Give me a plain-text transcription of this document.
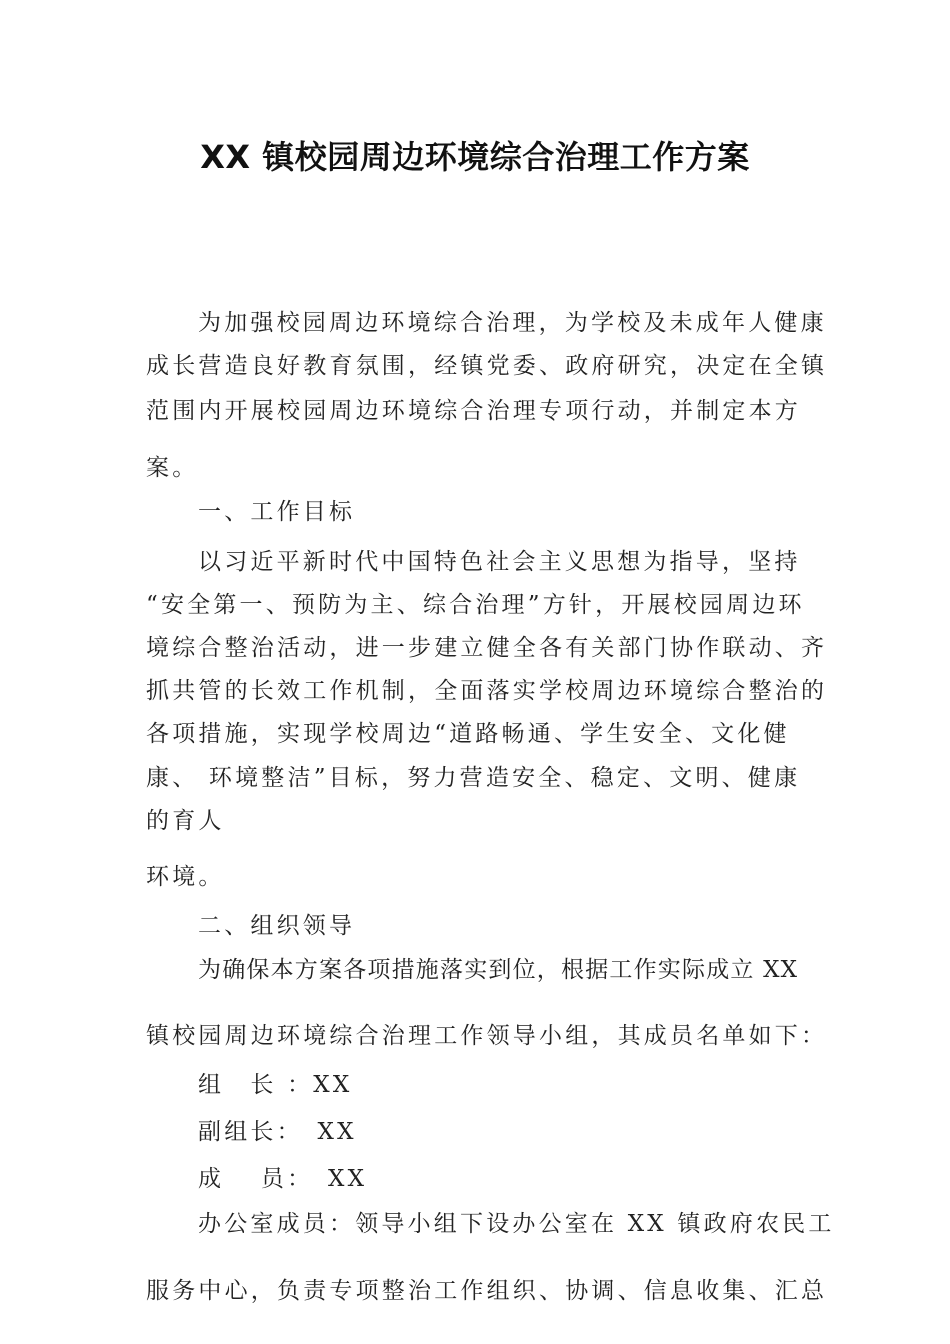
XX 镇校园周边环境综合治理工作方案
为加强校园周边环境综合治理，为学校及未成年人健康
成长营造良好教育氛围，经镇党委、政府研究，决定在全镇
范围内开展校园周边环境综合治理专项行动，并制定本方
案。
一、工作目标
以习近平新时代中国特色社会主义思想为指导，坚持
“安全第一、预防为主、综合治理”方针，开展校园周边环
境综合整治活动，进一步建立健全各有关部门协作联动、齐
抓共管的长效工作机制，全面落实学校周边环境综合整治的
各项措施，实现学校周边“道路畅通、学生安全、文化健
康、 环境整洁”目标，努力营造安全、稳定、文明、健康
的育人
环境。
二、组织领导
为确保本方案各项措施落实到位，根据工作实际成立 XX
镇校园周边环境综合治理工作领导小组，其成员名单如下：
组　长 ：XX
副组长：　XX
成　 员：　XX
办公室成员：领导小组下设办公室在 XX 镇政府农民工
服务中心，负责专项整治工作组织、协调、信息收集、汇总
